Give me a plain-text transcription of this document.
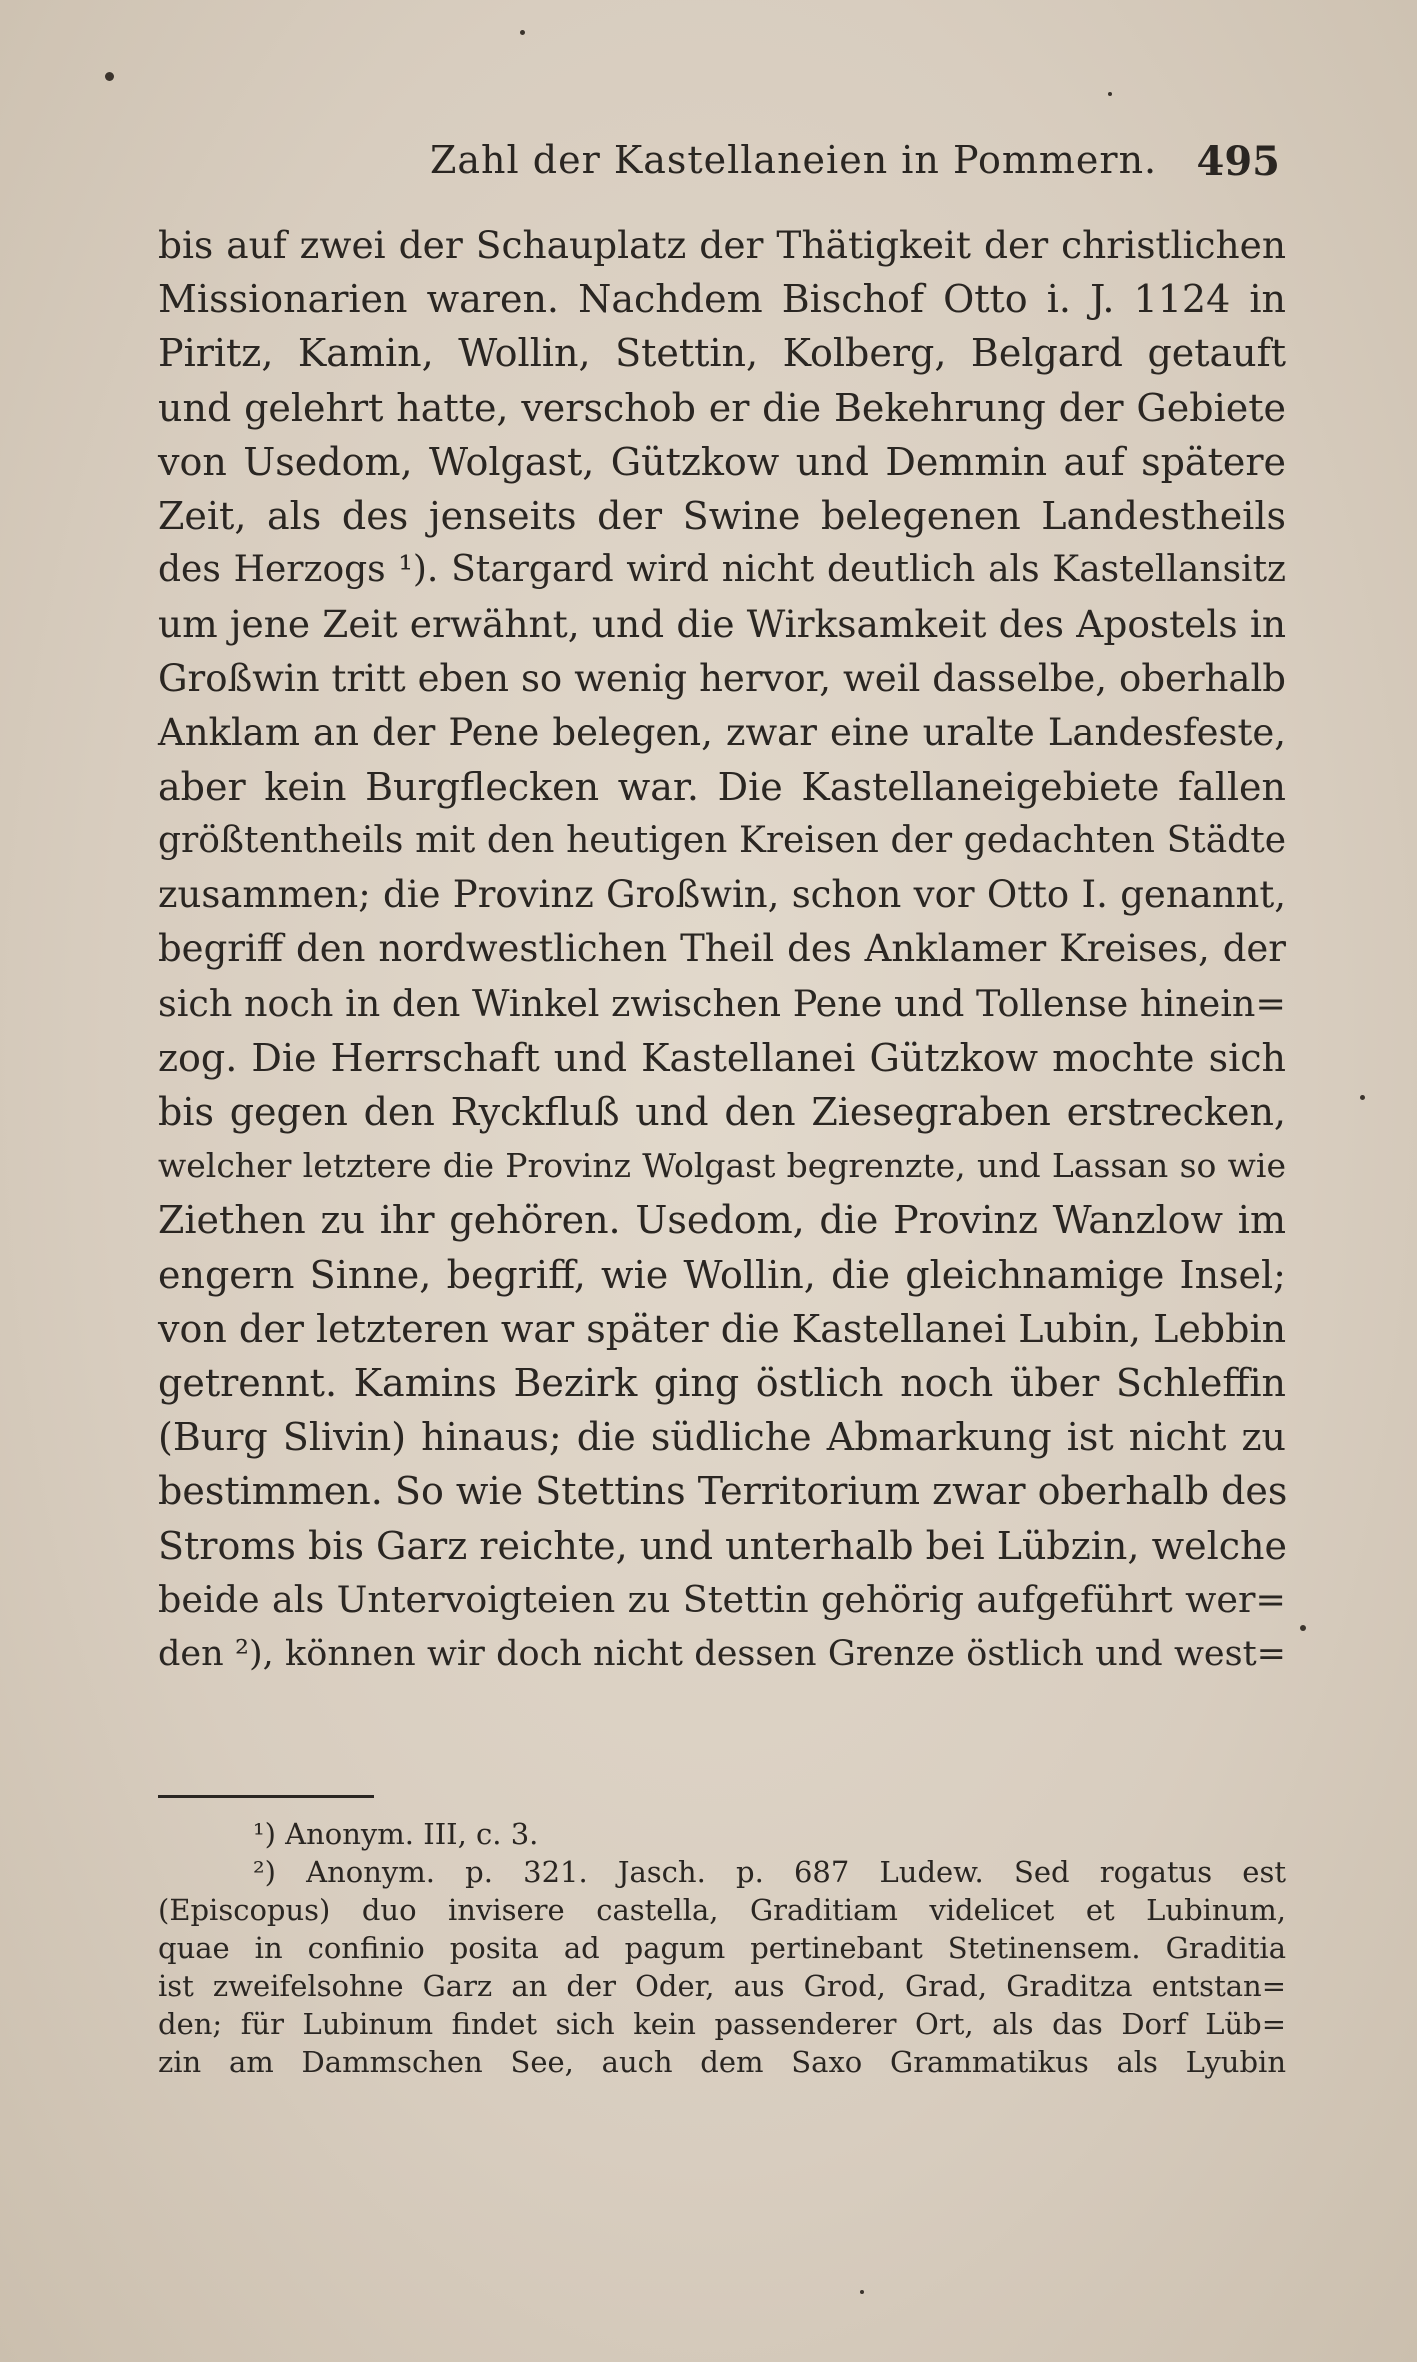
Zahl der Kastellaneien in Pommern. 495
bis auf zwei der Schauplatz der Thätigkeit der christlichen
Missionarien waren. Nachdem Bischof Otto i. J. 1124 in
Piritz, Kamin, Wollin, Stettin, Kolberg, Belgard getauft
und gelehrt hatte, verschob er die Bekehrung der Gebiete
von Usedom, Wolgast, Gützkow und Demmin auf spätere
Zeit, als des jenseits der Swine belegenen Landestheils
des Herzogs ¹). Stargard wird nicht deutlich als Kastellansitz
um jene Zeit erwähnt, und die Wirksamkeit des Apostels in
Großwin tritt eben so wenig hervor, weil dasselbe, oberhalb
Anklam an der Pene belegen, zwar eine uralte Landesfeste,
aber kein Burgflecken war. Die Kastellaneigebiete fallen
größtentheils mit den heutigen Kreisen der gedachten Städte
zusammen; die Provinz Großwin, schon vor Otto I. genannt,
begriff den nordwestlichen Theil des Anklamer Kreises, der
sich noch in den Winkel zwischen Pene und Tollense hinein=
zog. Die Herrschaft und Kastellanei Gützkow mochte sich
bis gegen den Ryckfluß und den Ziesegraben erstrecken,
welcher letztere die Provinz Wolgast begrenzte, und Lassan so wie
Ziethen zu ihr gehören. Usedom, die Provinz Wanzlow im
engern Sinne, begriff, wie Wollin, die gleichnamige Insel;
von der letzteren war später die Kastellanei Lubin, Lebbin
getrennt. Kamins Bezirk ging östlich noch über Schleffin
(Burg Slivin) hinaus; die südliche Abmarkung ist nicht zu
bestimmen. So wie Stettins Territorium zwar oberhalb des
Stroms bis Garz reichte, und unterhalb bei Lübzin, welche
beide als Untervoigteien zu Stettin gehörig aufgeführt wer=
den ²), können wir doch nicht dessen Grenze östlich und west=
¹) Anonym. III, c. 3.
²) Anonym. p. 321. Jasch. p. 687 Ludew. Sed rogatus est
(Episcopus) duo invisere castella, Graditiam videlicet et Lubinum,
quae in confinio posita ad pagum pertinebant Stetinensem. Graditia
ist zweifelsohne Garz an der Oder, aus Grod, Grad, Graditza entstan=
den; für Lubinum findet sich kein passenderer Ort, als das Dorf Lüb=
zin am Dammschen See, auch dem Saxo Grammatikus als Lyubin
